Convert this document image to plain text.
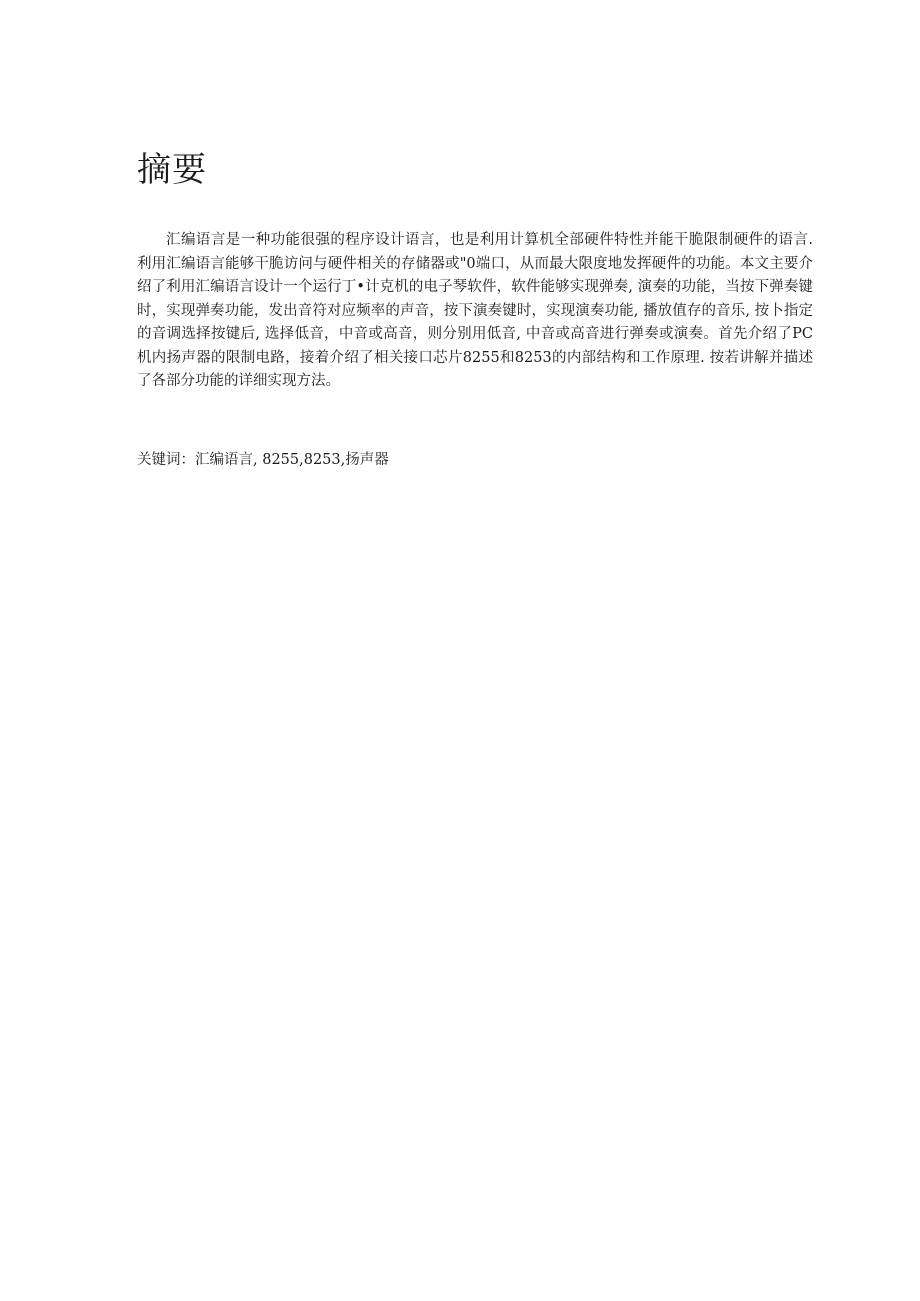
摘要

汇编语言是一种功能很强的程序设计语言，也是利用计算机全部硬件特性并能干脆限制硬件的语言. 利用汇编语言能够干脆访问与硬件相关的存储器或"0端口，从而最大限度地发挥硬件的功能。本文主要介绍了利用汇编语言设计一个运行丁•计克机的电子琴软件，软件能够实现弹奏, 演奏的功能，当按下弹奏键时，实现弹奏功能，发出音符对应频率的声音，按下演奏键时，实现演奏功能, 播放值存的音乐, 按卜指定的音调选择按键后, 选择低音，中音或高音，则分别用低音, 中音或高音进行弹奏或演奏。首先介绍了PC机内扬声器的限制电路，接着介绍了相关接口芯片8255和8253的内部结构和工作原理. 按若讲解并描述了各部分功能的详细实现方法。

关键词：汇编语言, 8255,8253,扬声器
